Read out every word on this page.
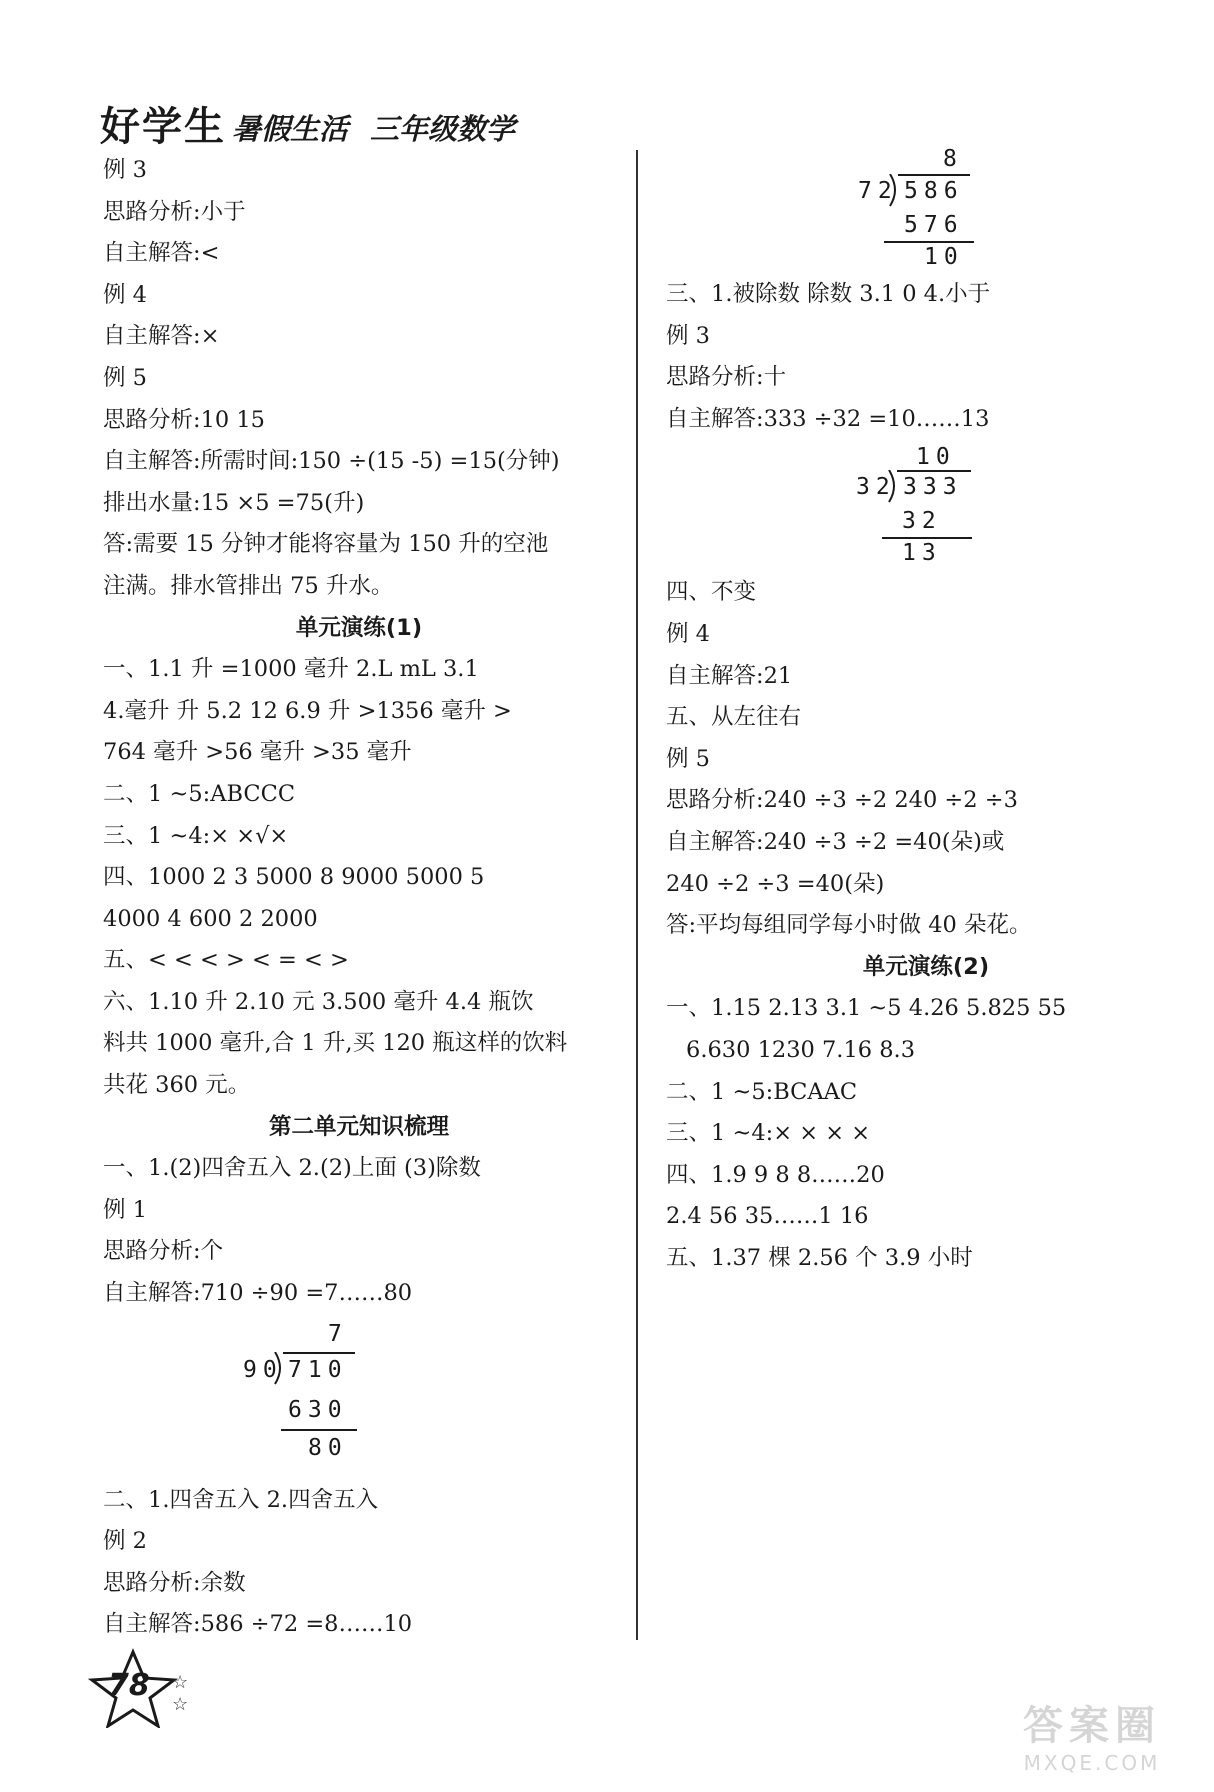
好学生 暑假生活 三年级数学
例 3
思路分析:小于
自主解答:<
例 4
自主解答:×
例 5
思路分析:10 15
自主解答:所需时间:150 ÷(15 -5) =15(分钟)
排出水量:15 ×5 =75(升)
答:需要 15 分钟才能将容量为 150 升的空池
注满。排水管排出 75 升水。
单元演练(1)
一、1.1 升 =1000 毫升 2.L mL 3.1
4.毫升 升 5.2 12 6.9 升 >1356 毫升 >
764 毫升 >56 毫升 >35 毫升
二、1 ~5:ABCCC
三、1 ~4:× ×√×
四、1000 2 3 5000 8 9000 5000 5
4000 4 600 2 2000
五、< < < > < = < >
六、1.10 升 2.10 元 3.500 毫升 4.4 瓶饮
料共 1000 毫升,合 1 升,买 120 瓶这样的饮料
共花 360 元。
第二单元知识梳理
一、1.(2)四舍五入 2.(2)上面 (3)除数
例 1
思路分析:个
自主解答:710 ÷90 =7……80
7
90 710
630
80
二、1.四舍五入 2.四舍五入
例 2
思路分析:余数
自主解答:586 ÷72 =8……10
8
72 586
576
10
三、1.被除数 除数 3.1 0 4.小于
例 3
思路分析:十
自主解答:333 ÷32 =10……13
10
32 333
32
13
四、不变
例 4
自主解答:21
五、从左往右
例 5
思路分析:240 ÷3 ÷2 240 ÷2 ÷3
自主解答:240 ÷3 ÷2 =40(朵)或
240 ÷2 ÷3 =40(朵)
答:平均每组同学每小时做 40 朵花。
单元演练(2)
一、1.15 2.13 3.1 ~5 4.26 5.825 55
6.630 1230 7.16 8.3
二、1 ~5:BCAAC
三、1 ~4:× × × ×
四、1.9 9 8 8……20
2.4 56 35……1 16
五、1.37 棵 2.56 个 3.9 小时
78 ☆
☆	答案圈
MXQE.COM
